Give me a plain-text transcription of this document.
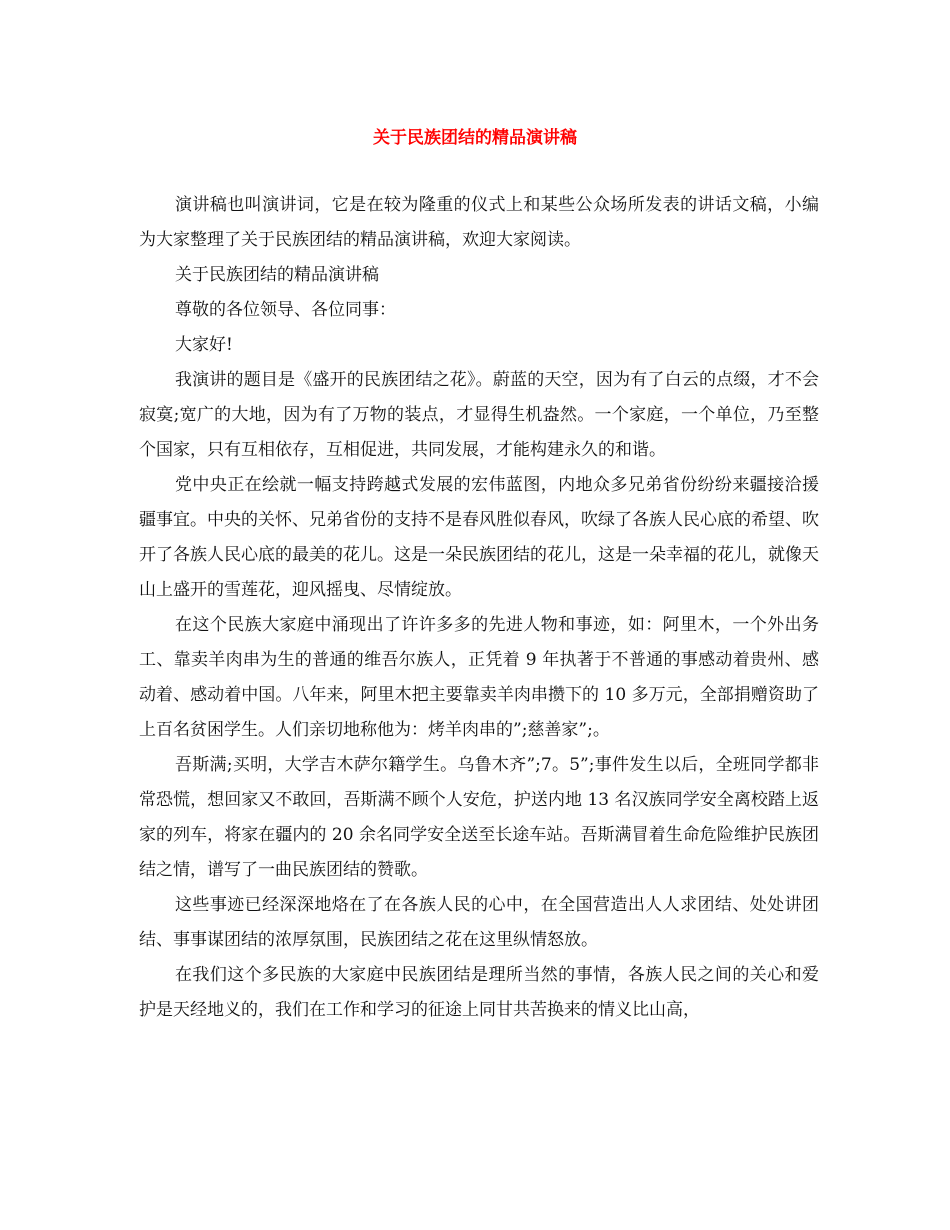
关于民族团结的精品演讲稿

演讲稿也叫演讲词，它是在较为隆重的仪式上和某些公众场所发表的讲话文稿，小编为大家整理了关于民族团结的精品演讲稿，欢迎大家阅读。

关于民族团结的精品演讲稿

尊敬的各位领导、各位同事：

大家好!

我演讲的题目是《盛开的民族团结之花》。蔚蓝的天空，因为有了白云的点缀，才不会寂寞;宽广的大地，因为有了万物的装点，才显得生机盎然。一个家庭，一个单位，乃至整个国家，只有互相依存，互相促进，共同发展，才能构建永久的和谐。

党中央正在绘就一幅支持跨越式发展的宏伟蓝图，内地众多兄弟省份纷纷来疆接洽援疆事宜。中央的关怀、兄弟省份的支持不是春风胜似春风，吹绿了各族人民心底的希望、吹开了各族人民心底的最美的花儿。这是一朵民族团结的花儿，这是一朵幸福的花儿，就像天山上盛开的雪莲花，迎风摇曳、尽情绽放。

在这个民族大家庭中涌现出了许许多多的先进人物和事迹，如：阿里木，一个外出务工、靠卖羊肉串为生的普通的维吾尔族人，正凭着 9 年执著于不普通的事感动着贵州、感动着、感动着中国。八年来，阿里木把主要靠卖羊肉串攒下的 10 多万元，全部捐赠资助了上百名贫困学生。人们亲切地称他为：烤羊肉串的”;慈善家”;。

吾斯满;买明，大学吉木萨尔籍学生。乌鲁木齐”;7。5”;事件发生以后，全班同学都非常恐慌，想回家又不敢回，吾斯满不顾个人安危，护送内地 13 名汉族同学安全离校踏上返家的列车，将家在疆内的 20 余名同学安全送至长途车站。吾斯满冒着生命危险维护民族团结之情，谱写了一曲民族团结的赞歌。

这些事迹已经深深地烙在了在各族人民的心中，在全国营造出人人求团结、处处讲团结、事事谋团结的浓厚氛围，民族团结之花在这里纵情怒放。

在我们这个多民族的大家庭中民族团结是理所当然的事情，各族人民之间的关心和爱护是天经地义的，我们在工作和学习的征途上同甘共苦换来的情义比山高，
